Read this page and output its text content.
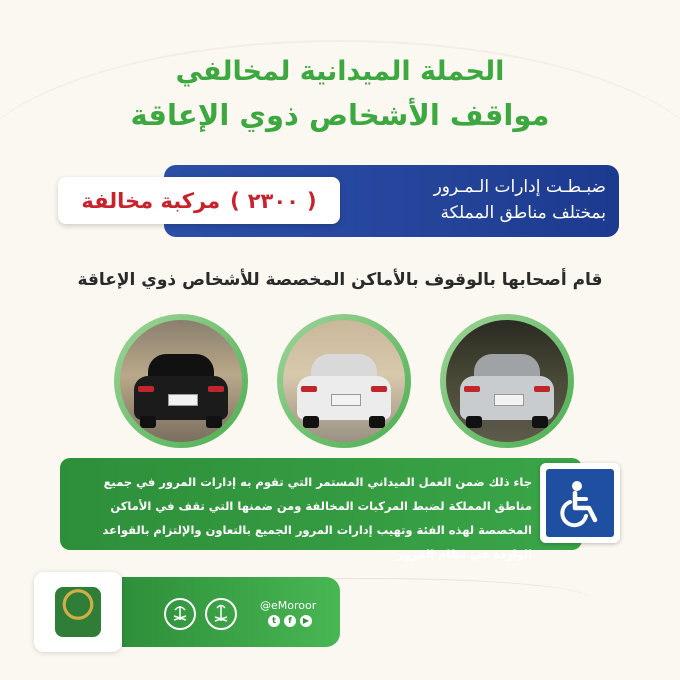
الحملة الميدانية لمخالفي
مواقف الأشخاص ذوي الإعاقة
ضبـطـت إدارات الـمـرور
بمختلف مناطق المملكة
(
٢٣٠٠
)
مركبة مخالفة
قام أصحابها بالوقوف بالأماكن المخصصة للأشخاص ذوي الإعاقة
جاء ذلك ضمن العمل الميداني المستمر التي تقوم به إدارات المرور في جميع مناطق المملكة لضبط المركبات المخالفة ومن ضمنها التي تقف في الأماكن المخصصة لهذه الفئة وتهيب إدارات المرور الجميع بالتعاون والإلتزام بالقواعد الواردة في نظام المرور
@eMoroor
t	f	▶
